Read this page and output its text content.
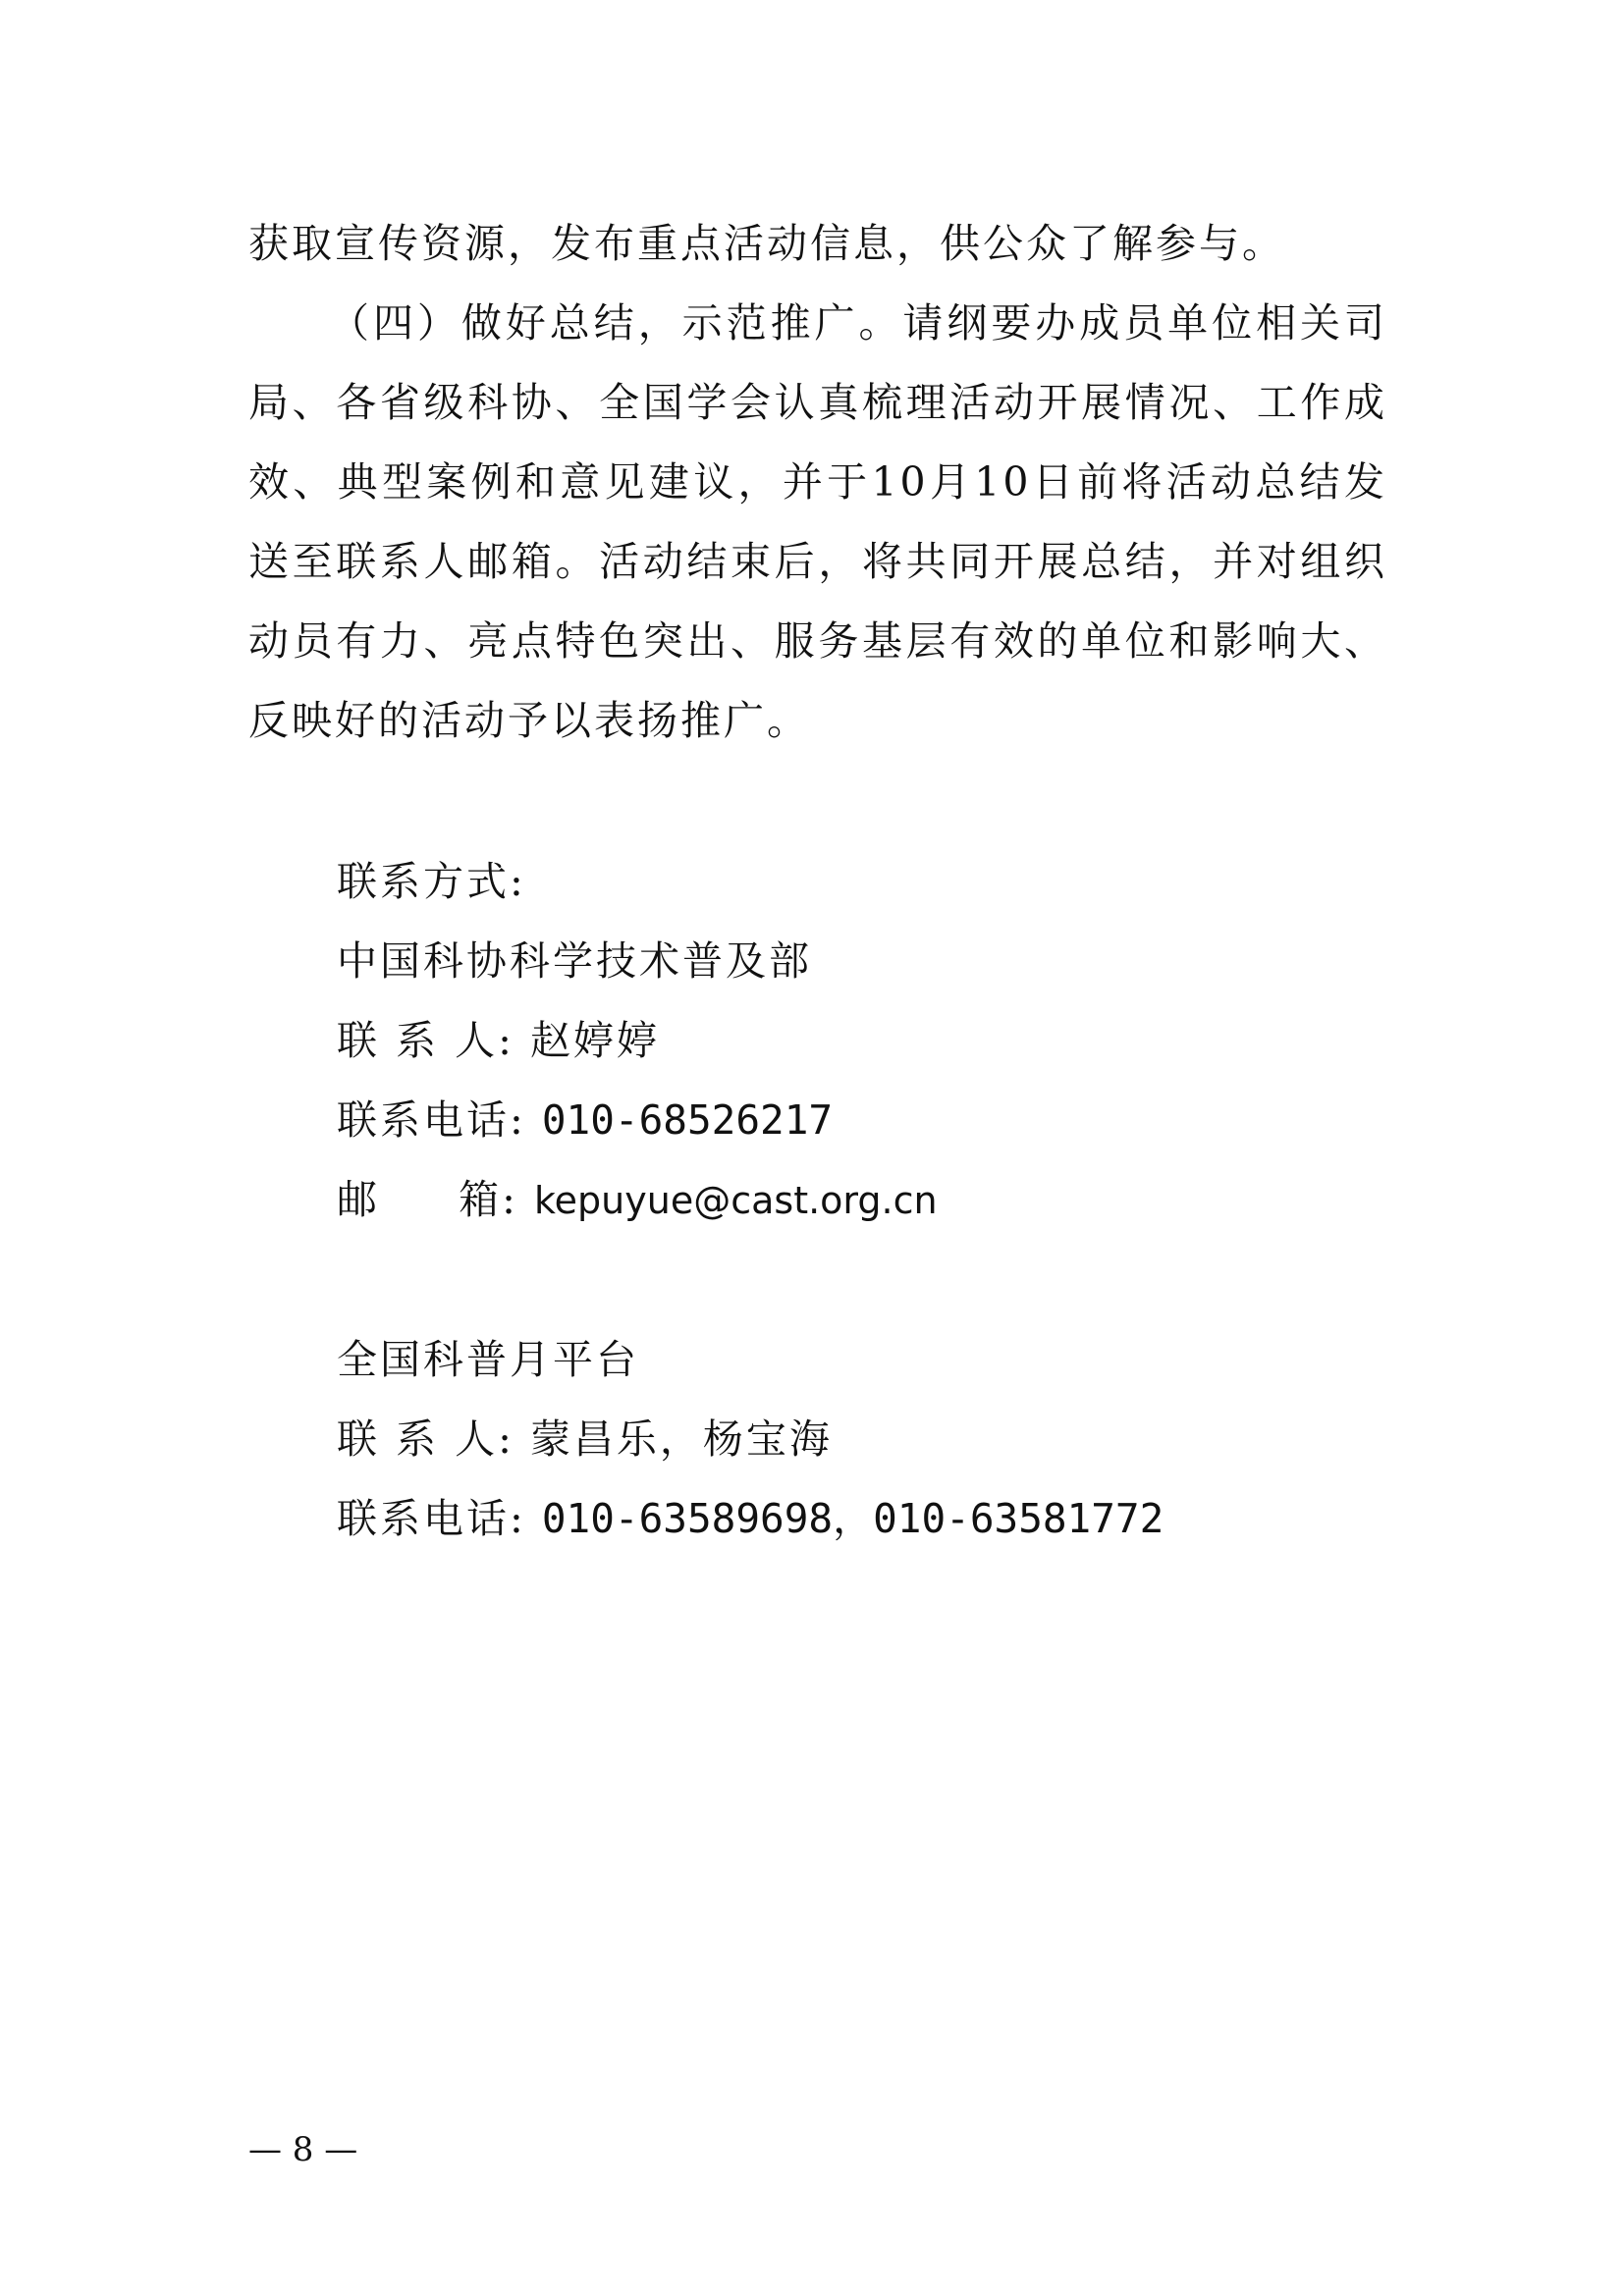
获取宣传资源，发布重点活动信息，供公众了解参与。

（四）做好总结，示范推广。请纲要办成员单位相关司局、各省级科协、全国学会认真梳理活动开展情况、工作成效、典型案例和意见建议，并于10月10日前将活动总结发送至联系人邮箱。活动结束后，将共同开展总结，并对组织动员有力、亮点特色突出、服务基层有效的单位和影响大、反映好的活动予以表扬推广。

联系方式:
中国科协科学技术普及部
联 系 人: 赵婷婷
联系电话: 010-68526217
邮     箱: kepuyue@cast.org.cn
全国科普月平台
联 系 人: 蒙昌乐，杨宝海
联系电话: 010-63589698，010-63581772
— 8 —
